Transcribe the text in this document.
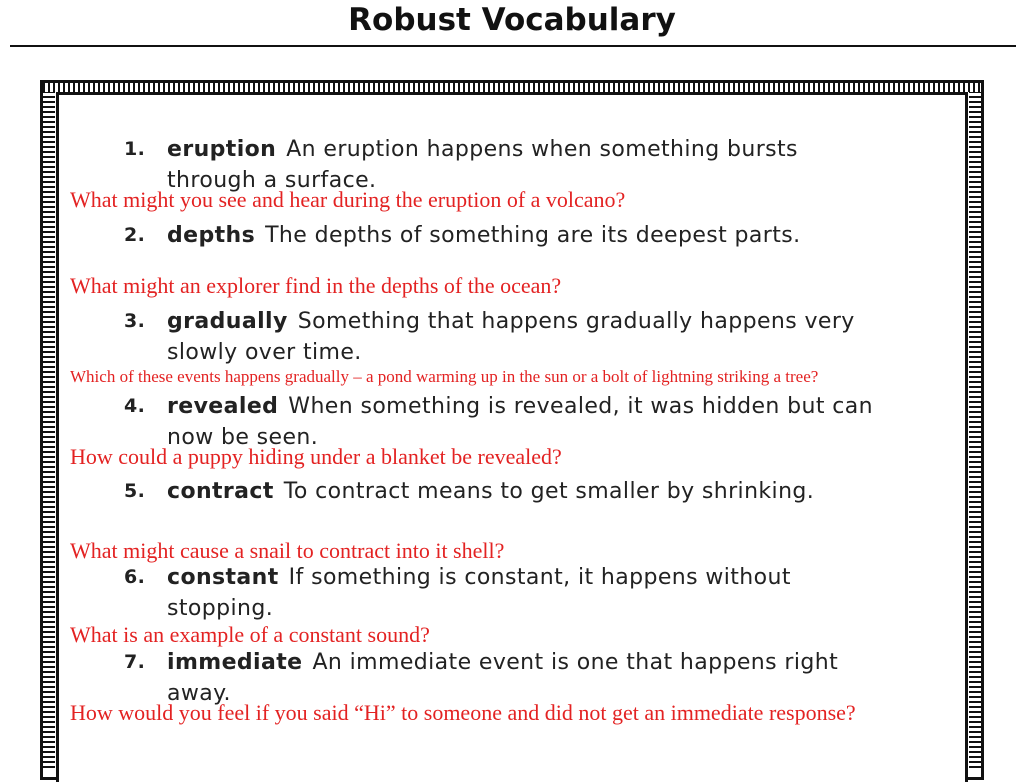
Robust Vocabulary
1. eruption An eruption happens when something bursts through a surface.
2. depths The depths of something are its deepest parts.
3. gradually Something that happens gradually happens very slowly over time.
4. revealed When something is revealed, it was hidden but can now be seen.
5. contract To contract means to get smaller by shrinking.
6. constant If something is constant, it happens without stopping.
7. immediate An immediate event is one that happens right away.
What might you see and hear during the eruption of a volcano?
What might an explorer find in the depths of the ocean?
Which of these events happens gradually – a pond warming up in the sun or a bolt of lightning striking a tree?
How could a puppy hiding under a blanket be revealed?
What might cause a snail to contract into it shell?
What is an example of a constant sound?
How would you feel if you said “Hi” to someone and did not get an immediate response?
